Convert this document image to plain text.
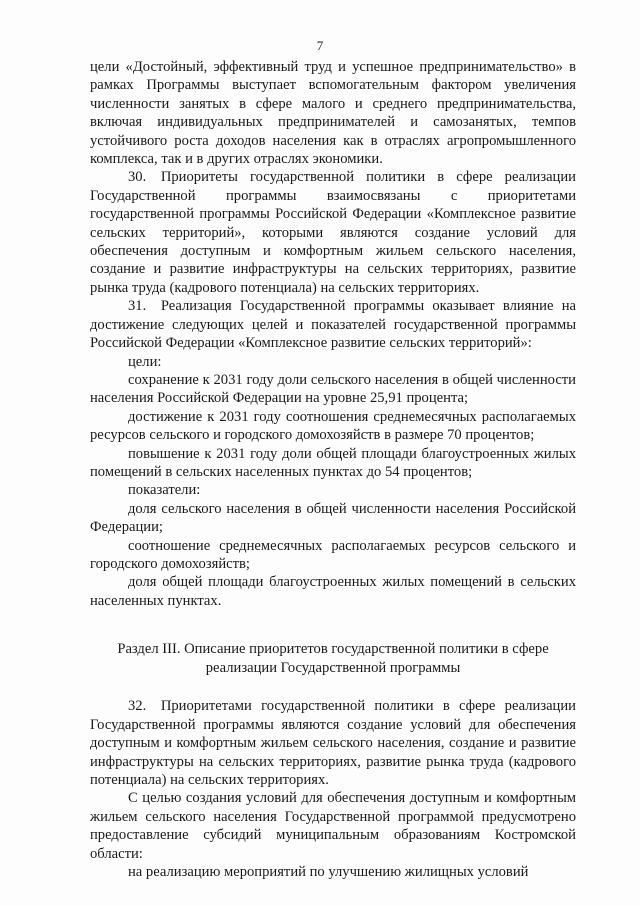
7

цели «Достойный, эффективный труд и успешное предпринимательство» в рамках Программы выступает вспомогательным фактором увеличения численности занятых в сфере малого и среднего предпринимательства, включая индивидуальных предпринимателей и самозанятых, темпов устойчивого роста доходов населения как в отраслях агропромышленного комплекса, так и в других отраслях экономики.

30. Приоритеты государственной политики в сфере реализации Государственной программы взаимосвязаны с приоритетами государственной программы Российской Федерации «Комплексное развитие сельских территорий», которыми являются создание условий для обеспечения доступным и комфортным жильем сельского населения, создание и развитие инфраструктуры на сельских территориях, развитие рынка труда (кадрового потенциала) на сельских территориях.

31. Реализация Государственной программы оказывает влияние на достижение следующих целей и показателей государственной программы Российской Федерации «Комплексное развитие сельских территорий»:

цели:

сохранение к 2031 году доли сельского населения в общей численности населения Российской Федерации на уровне 25,91 процента;

достижение к 2031 году соотношения среднемесячных располагаемых ресурсов сельского и городского домохозяйств в размере 70 процентов;

повышение к 2031 году доли общей площади благоустроенных жилых помещений в сельских населенных пунктах до 54 процентов;

показатели:

доля сельского населения в общей численности населения Российской Федерации;

соотношение среднемесячных располагаемых ресурсов сельского и городского домохозяйств;

доля общей площади благоустроенных жилых помещений в сельских населенных пунктах.

Раздел III. Описание приоритетов государственной политики в сфере реализации Государственной программы

32. Приоритетами государственной политики в сфере реализации Государственной программы являются создание условий для обеспечения доступным и комфортным жильем сельского населения, создание и развитие инфраструктуры на сельских территориях, развитие рынка труда (кадрового потенциала) на сельских территориях.

С целью создания условий для обеспечения доступным и комфортным жильем сельского населения Государственной программой предусмотрено предоставление субсидий муниципальным образованиям Костромской области:

на реализацию мероприятий по улучшению жилищных условий
